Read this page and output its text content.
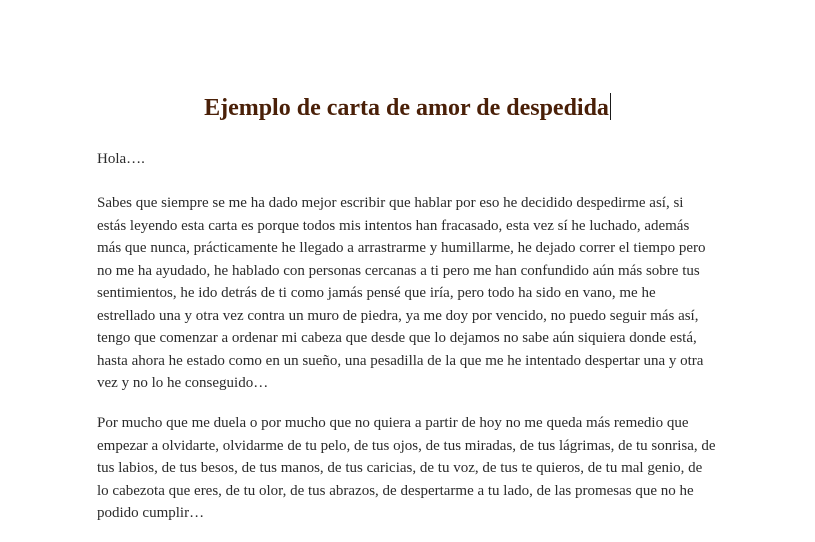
Ejemplo de carta de amor de despedida
Hola….
Sabes que siempre se me ha dado mejor escribir que hablar por eso he decidido despedirme así, si
estás leyendo esta carta es porque todos mis intentos han fracasado, esta vez sí he luchado, además
más que nunca, prácticamente he llegado a arrastrarme y humillarme, he dejado correr el tiempo pero
no me ha ayudado, he hablado con personas cercanas a ti pero me han confundido aún más sobre tus
sentimientos, he ido detrás de ti como jamás pensé que iría, pero todo ha sido en vano, me he
estrellado una y otra vez contra un muro de piedra, ya me doy por vencido, no puedo seguir más así,
tengo que comenzar a ordenar mi cabeza que desde que lo dejamos no sabe aún siquiera donde está,
hasta ahora he estado como en un sueño, una pesadilla de la que me he intentado despertar una y otra
vez y no lo he conseguido…
Por mucho que me duela o por mucho que no quiera a partir de hoy no me queda más remedio que
empezar a olvidarte, olvidarme de tu pelo, de tus ojos, de tus miradas, de tus lágrimas, de tu sonrisa, de
tus labios, de tus besos, de tus manos, de tus caricias, de tu voz, de tus te quieros, de tu mal genio, de
lo cabezota que eres, de tu olor, de tus abrazos, de despertarme a tu lado, de las promesas que no he
podido cumplir…
